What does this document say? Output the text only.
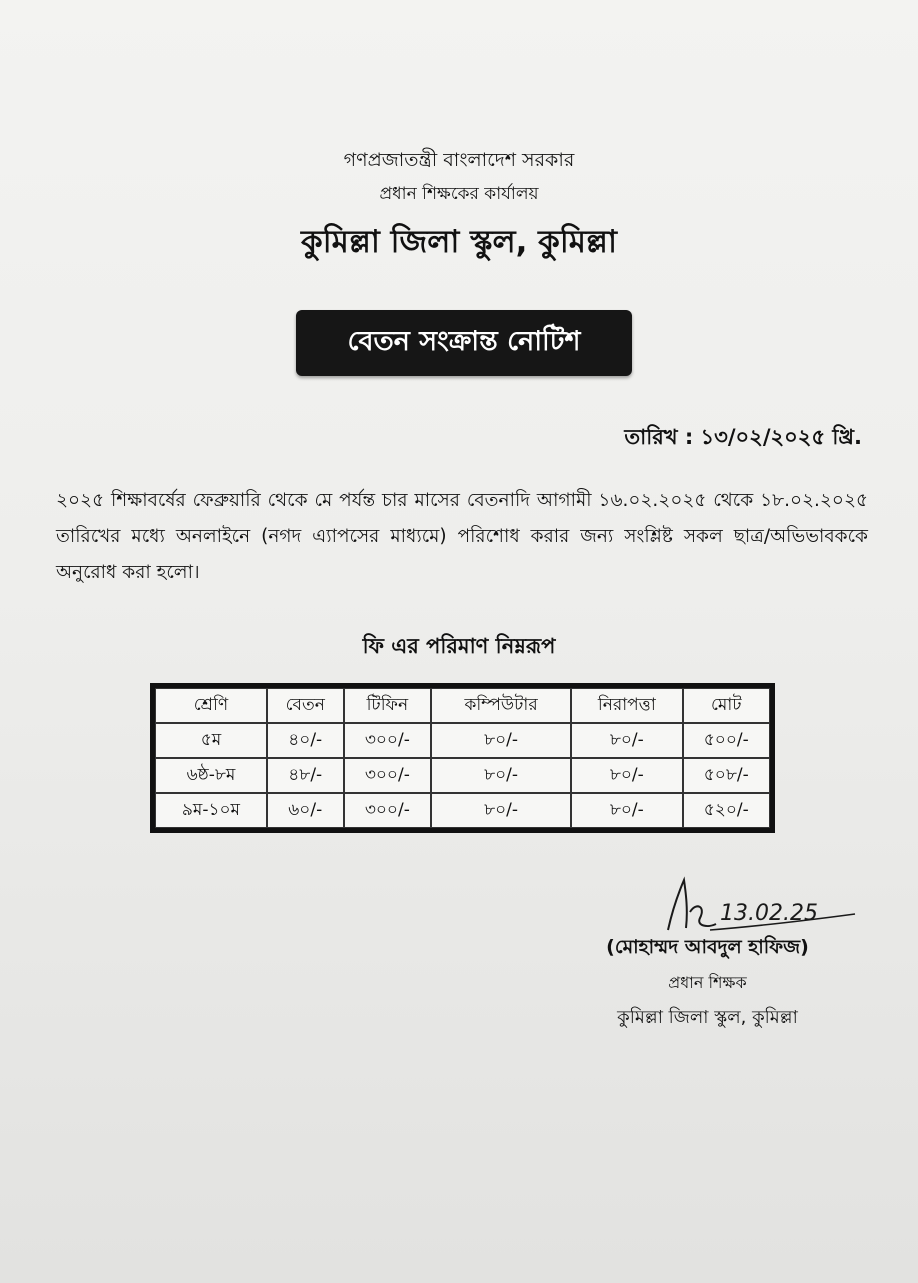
গণপ্রজাতন্ত্রী বাংলাদেশ সরকার
প্রধান শিক্ষকের কার্যালয়
কুমিল্লা জিলা স্কুল, কুমিল্লা
বেতন সংক্রান্ত নোটিশ
তারিখ : ১৩/০২/২০২৫ খ্রি.
২০২৫ শিক্ষাবর্ষের ফেব্রুয়ারি থেকে মে পর্যন্ত চার মাসের বেতনাদি আগামী ১৬.০২.২০২৫ থেকে ১৮.০২.২০২৫ তারিখের মধ্যে অনলাইনে (নগদ এ্যাপসের মাধ্যমে) পরিশোধ করার জন্য সংশ্লিষ্ট সকল ছাত্র/অভিভাবককে অনুরোধ করা হলো।
ফি এর পরিমাণ নিম্নরূপ
শ্রেণি	বেতন	টিফিন	কম্পিউটার	নিরাপত্তা	মোট
৫ম	৪০/-	৩০০/-	৮০/-	৮০/-	৫০০/-
৬ষ্ঠ-৮ম	৪৮/-	৩০০/-	৮০/-	৮০/-	৫০৮/-
৯ম-১০ম	৬০/-	৩০০/-	৮০/-	৮০/-	৫২০/-
13.02.25
(মোহাম্মদ আবদুল হাফিজ)
প্রধান শিক্ষক
কুমিল্লা জিলা স্কুল, কুমিল্লা
